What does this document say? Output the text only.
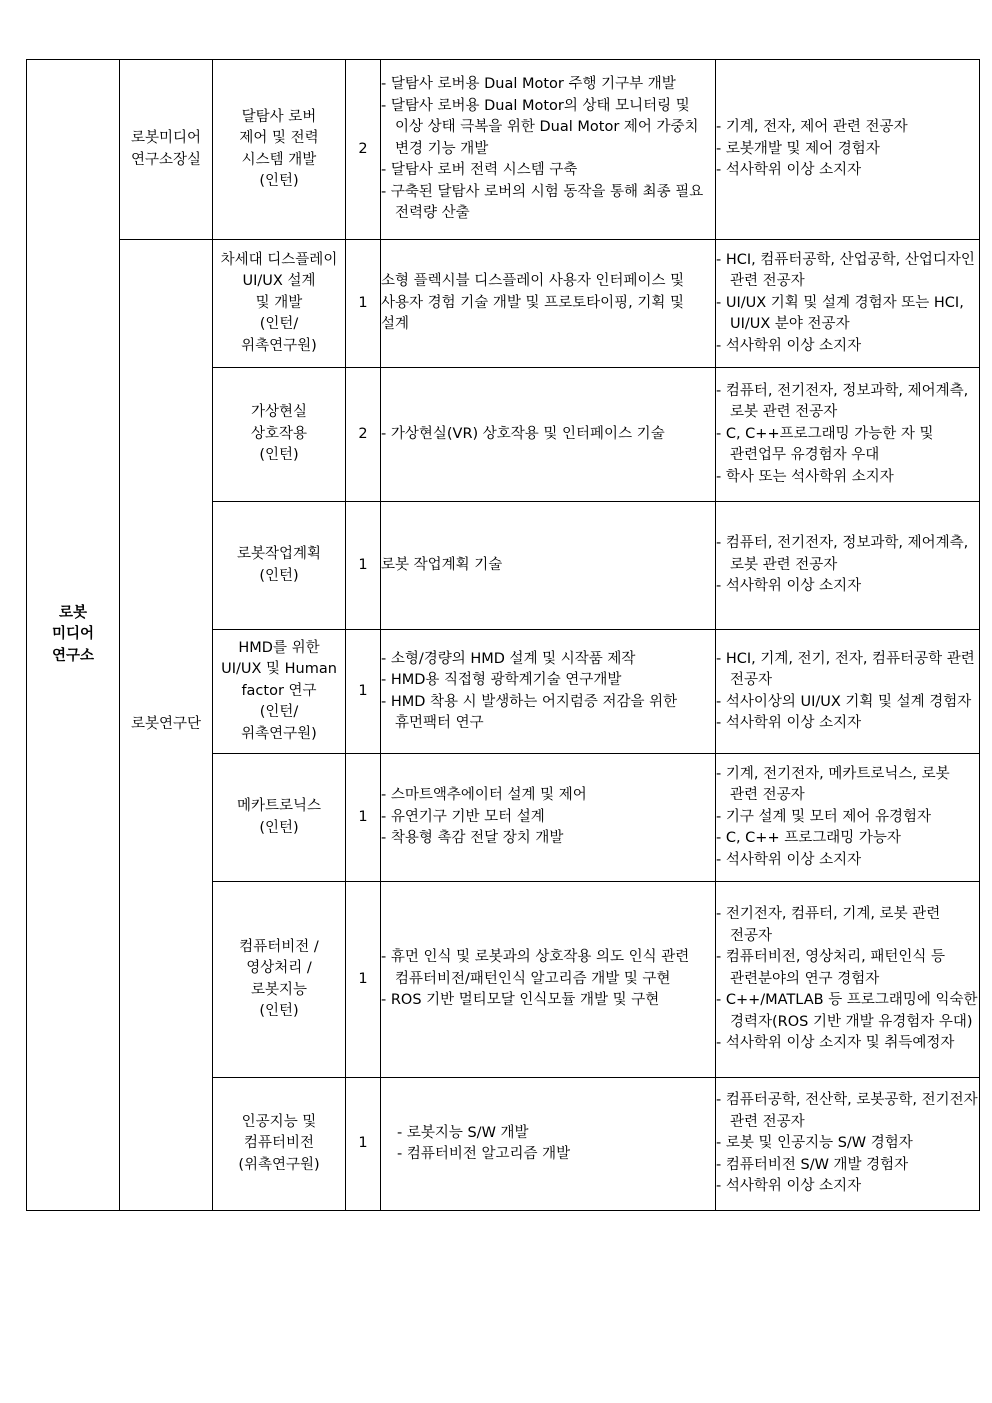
로봇
미디어
연구소	로봇미디어
연구소장실	달탐사 로버
제어 및 전력
시스템 개발
(인턴)	2	- 달탐사 로버용 Dual Motor 주행 기구부 개발
- 달탐사 로버용 Dual Motor의 상태 모니터링 및 이상 상태 극복을 위한 Dual Motor 제어 가중치 변경 기능 개발
- 달탐사 로버 전력 시스템 구축
- 구축된 달탐사 로버의 시험 동작을 통해 최종 필요 전력량 산출	- 기계, 전자, 제어 관련 전공자
- 로봇개발 및 제어 경험자
- 석사학위 이상 소지자

	로봇연구단	차세대 디스플레이
UI/UX 설계
및 개발
(인턴/
위촉연구원)	1	소형 플렉시블 디스플레이 사용자 인터페이스 및 사용자 경험 기술 개발 및 프로토타이핑, 기획 및 설계	- HCI, 컴퓨터공학, 산업공학, 산업디자인 관련 전공자
- UI/UX 기획 및 설계 경험자 또는 HCI, UI/UX 분야 전공자
- 석사학위 이상 소지자

		가상현실
상호작용
(인턴)	2	- 가상현실(VR) 상호작용 및 인터페이스 기술	- 컴퓨터, 전기전자, 정보과학, 제어계측, 로봇 관련 전공자
- C, C++프로그래밍 가능한 자 및 관련업무 유경험자 우대
- 학사 또는 석사학위 소지자

		로봇작업계획
(인턴)	1	로봇 작업계획 기술	- 컴퓨터, 전기전자, 정보과학, 제어계측, 로봇 관련 전공자
- 석사학위 이상 소지자

		HMD를 위한
UI/UX 및 Human
factor 연구
(인턴/
위촉연구원)	1	- 소형/경량의 HMD 설계 및 시작품 제작
- HMD용 직접형 광학계기술 연구개발
- HMD 착용 시 발생하는 어지럼증 저감을 위한 휴먼팩터 연구	- HCI, 기계, 전기, 전자, 컴퓨터공학 관련 전공자
- 석사이상의 UI/UX 기획 및 설계 경험자
- 석사학위 이상 소지자

		메카트로닉스
(인턴)	1	- 스마트액추에이터 설계 및 제어
- 유연기구 기반 모터 설계
- 착용형 촉감 전달 장치 개발	- 기계, 전기전자, 메카트로닉스, 로봇 관련 전공자
- 기구 설계 및 모터 제어 유경험자
- C, C++ 프로그래밍 가능자
- 석사학위 이상 소지자

		컴퓨터비전 /
영상처리 /
로봇지능
(인턴)	1	- 휴먼 인식 및 로봇과의 상호작용 의도 인식 관련 컴퓨터비전/패턴인식 알고리즘 개발 및 구현
- ROS 기반 멀티모달 인식모듈 개발 및 구현	- 전기전자, 컴퓨터, 기계, 로봇 관련 전공자
- 컴퓨터비전, 영상처리, 패턴인식 등 관련분야의 연구 경험자
- C++/MATLAB 등 프로그래밍에 익숙한 경력자(ROS 기반 개발 유경험자 우대)
- 석사학위 이상 소지자 및 취득예정자

		인공지능 및
컴퓨터비전
(위촉연구원)	1	- 로봇지능 S/W 개발
- 컴퓨터비전 알고리즘 개발	- 컴퓨터공학, 전산학, 로봇공학, 전기전자 관련 전공자
- 로봇 및 인공지능 S/W 경험자
- 컴퓨터비전 S/W 개발 경험자
- 석사학위 이상 소지자
